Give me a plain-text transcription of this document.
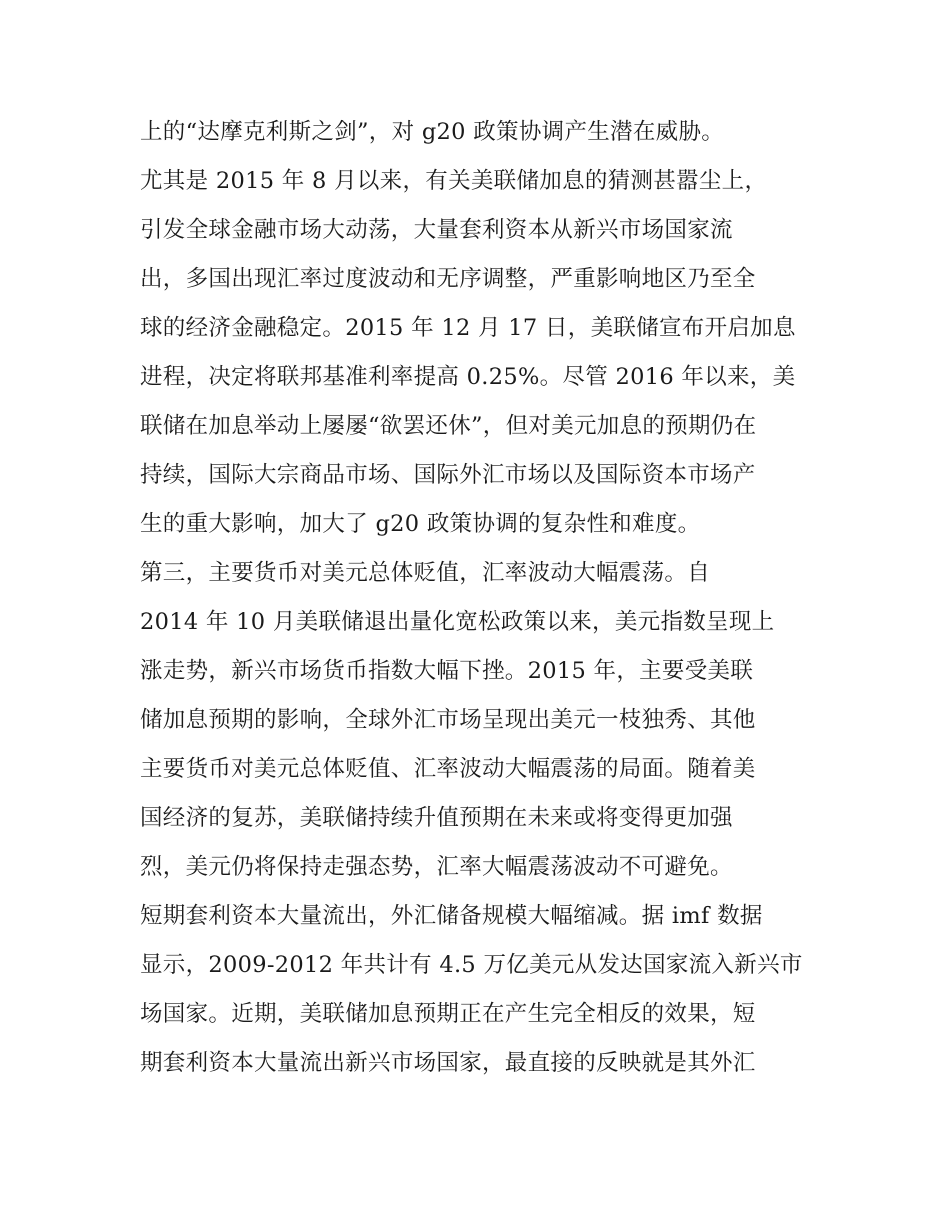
上的“达摩克利斯之剑”，对 g20 政策协调产生潜在威胁。
尤其是 2015 年 8 月以来，有关美联储加息的猜测甚嚣尘上，
引发全球金融市场大动荡，大量套利资本从新兴市场国家流
出，多国出现汇率过度波动和无序调整，严重影响地区乃至全
球的经济金融稳定。2015 年 12 月 17 日，美联储宣布开启加息
进程，决定将联邦基准利率提高 0.25%。尽管 2016 年以来，美
联储在加息举动上屡屡“欲罢还休”，但对美元加息的预期仍在
持续，国际大宗商品市场、国际外汇市场以及国际资本市场产
生的重大影响，加大了 g20 政策协调的复杂性和难度。
第三，主要货币对美元总体贬值，汇率波动大幅震荡。自
2014 年 10 月美联储退出量化宽松政策以来，美元指数呈现上
涨走势，新兴市场货币指数大幅下挫。2015 年，主要受美联
储加息预期的影响，全球外汇市场呈现出美元一枝独秀、其他
主要货币对美元总体贬值、汇率波动大幅震荡的局面。随着美
国经济的复苏，美联储持续升值预期在未来或将变得更加强
烈，美元仍将保持走强态势，汇率大幅震荡波动不可避免。
短期套利资本大量流出，外汇储备规模大幅缩减。据 imf 数据
显示，2009-2012 年共计有 4.5 万亿美元从发达国家流入新兴市
场国家。近期，美联储加息预期正在产生完全相反的效果，短
期套利资本大量流出新兴市场国家，最直接的反映就是其外汇
